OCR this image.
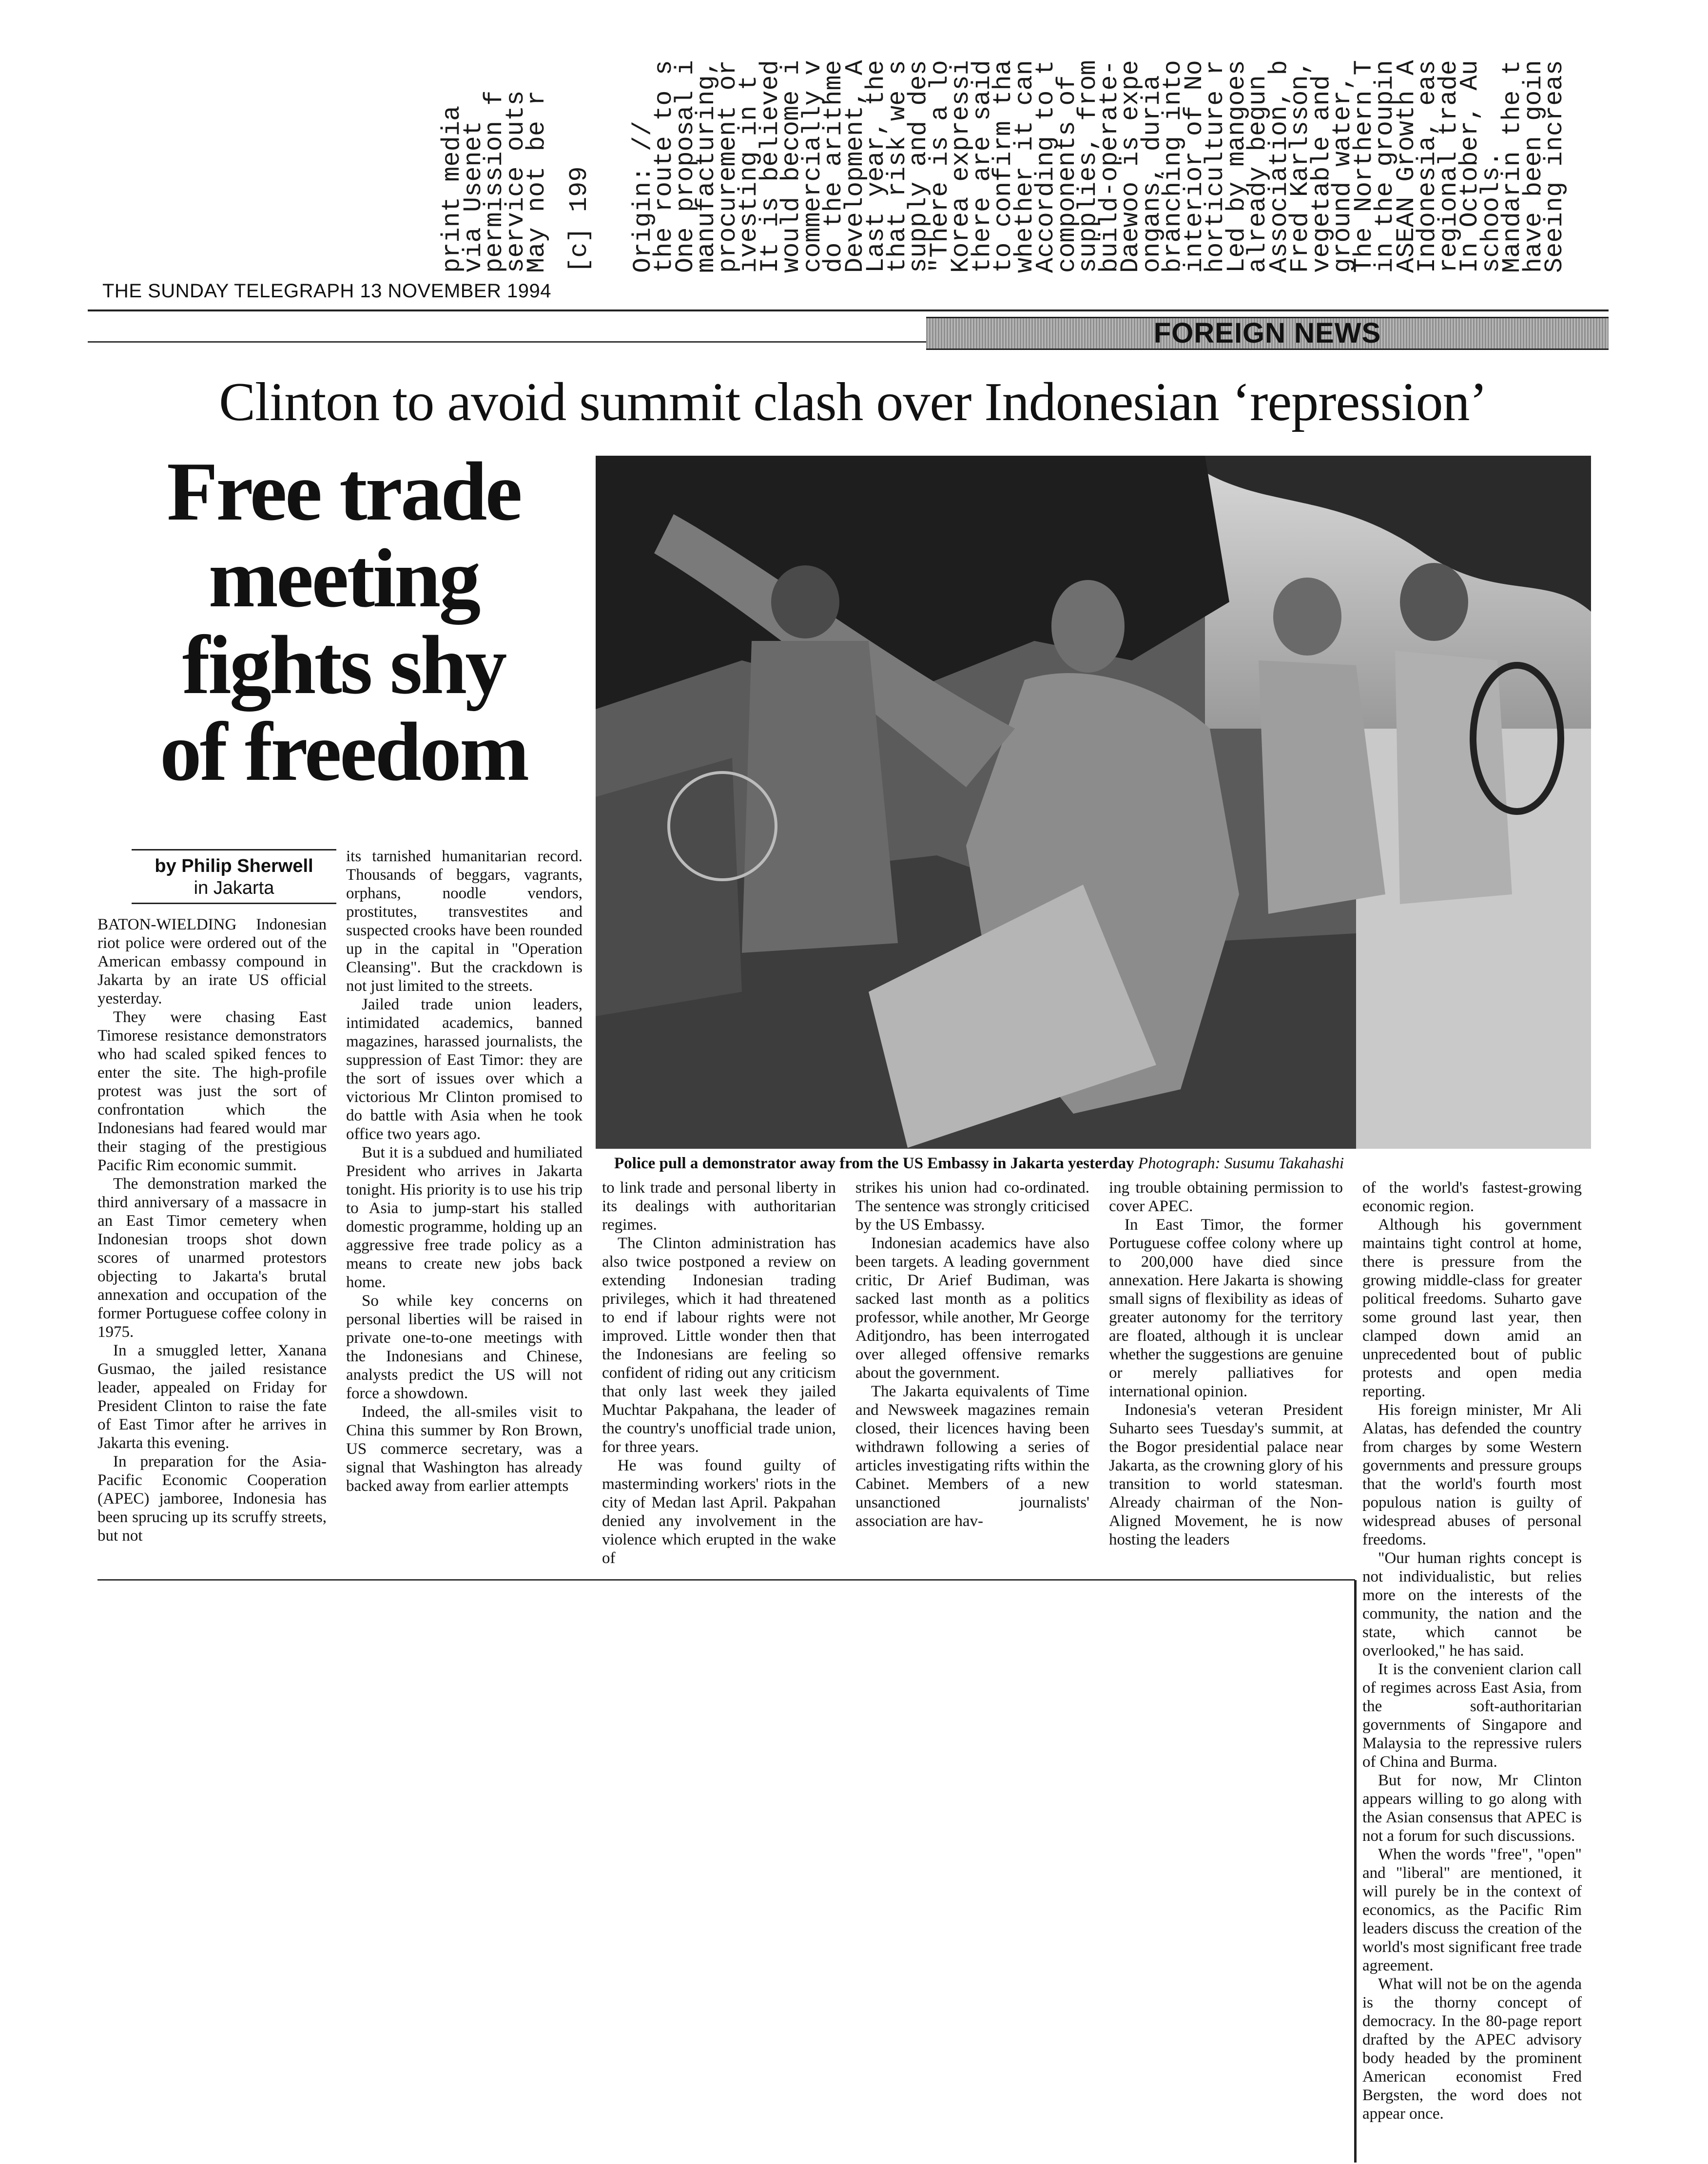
Seeing increas
have been goin
Mandarin the t
schools.
In October, Au
regional trade
Indonesia, eas
ASEAN Growth A
in the groupin
The Northern T
ground water,
vegetable and
Fred Karlsson,
Association, b
already begun
Led by mangoes
horticulture r
interior of No
branching into
ongans, duria
Daewoo is expe
build-operate-
supplies, from
components of
According to t
whether it can
to confirm tha
there are said
Korea expressi
"There is a lo
supply and des
that risk we s
Last year, the
Development, A
do the arithme
commercially v
would become i
It is believed
ıvesting in t
procurement or
manufacturing,
One proposal i
the route to s
Origin: //
[c] 199
May not be r
service outs
permission f
via Usenet
print media
THE SUNDAY TELEGRAPH 13 NOVEMBER 1994
FOREIGN NEWS
Clinton to avoid summit clash over Indonesian ‘repression’
Free trade
meeting
fights shy
of freedom
Police pull a demonstrator away from the US Embassy in Jakarta yesterday Photograph: Susumu Takahashi
by Philip Sherwell
in Jakarta

BATON-WIELDING Indonesian riot police were ordered out of the American embassy compound in Jakarta by an irate US official yesterday.

They were chasing East Timorese resistance demonstrators who had scaled spiked fences to enter the site. The high-profile protest was just the sort of confrontation which the Indonesians had feared would mar their staging of the prestigious Pacific Rim economic summit.

The demonstration marked the third anniversary of a massacre in an East Timor cemetery when Indonesian troops shot down scores of unarmed protestors objecting to Jakarta's brutal annexation and occupation of the former Portuguese coffee colony in 1975.

In a smuggled letter, Xanana Gusmao, the jailed resistance leader, appealed on Friday for President Clinton to raise the fate of East Timor after he arrives in Jakarta this evening.

In preparation for the Asia-Pacific Economic Cooperation (APEC) jamboree, Indonesia has been sprucing up its scruffy streets, but not

its tarnished humanitarian record. Thousands of beggars, vagrants, orphans, noodle vendors, prostitutes, transvestites and suspected crooks have been rounded up in the capital in "Operation Cleansing". But the crackdown is not just limited to the streets.

Jailed trade union leaders, intimidated academics, banned magazines, harassed journalists, the suppression of East Timor: they are the sort of issues over which a victorious Mr Clinton promised to do battle with Asia when he took office two years ago.

But it is a subdued and humiliated President who arrives in Jakarta tonight. His priority is to use his trip to Asia to jump-start his stalled domestic programme, holding up an aggressive free trade policy as a means to create new jobs back home.

So while key concerns on personal liberties will be raised in private one-to-one meetings with the Indonesians and Chinese, analysts predict the US will not force a showdown.

Indeed, the all-smiles visit to China this summer by Ron Brown, US commerce secretary, was a signal that Washington has already backed away from earlier attempts

to link trade and personal liberty in its dealings with authoritarian regimes.

The Clinton administration has also twice postponed a review on extending Indonesian trading privileges, which it had threatened to end if labour rights were not improved. Little wonder then that the Indonesians are feeling so confident of riding out any criticism that only last week they jailed Muchtar Pakpahana, the leader of the country's unofficial trade union, for three years.

He was found guilty of masterminding workers' riots in the city of Medan last April. Pakpahan denied any involvement in the violence which erupted in the wake of

strikes his union had co-ordinated. The sentence was strongly criticised by the US Embassy.

Indonesian academics have also been targets. A leading government critic, Dr Arief Budiman, was sacked last month as a politics professor, while another, Mr George Aditjondro, has been interrogated over alleged offensive remarks about the government.

The Jakarta equivalents of Time and Newsweek magazines remain closed, their licences having been withdrawn following a series of articles investigating rifts within the Cabinet. Members of a new unsanctioned journalists' association are hav-

ing trouble obtaining permission to cover APEC.

In East Timor, the former Portuguese coffee colony where up to 200,000 have died since annexation. Here Jakarta is showing small signs of flexibility as ideas of greater autonomy for the territory are floated, although it is unclear whether the suggestions are genuine or merely palliatives for international opinion.

Indonesia's veteran President Suharto sees Tuesday's summit, at the Bogor presidential palace near Jakarta, as the crowning glory of his transition to world statesman. Already chairman of the Non-Aligned Movement, he is now hosting the leaders

of the world's fastest-growing economic region.

Although his government maintains tight control at home, there is pressure from the growing middle-class for greater political freedoms. Suharto gave some ground last year, then clamped down amid an unprecedented bout of public protests and open media reporting.

His foreign minister, Mr Ali Alatas, has defended the country from charges by some Western governments and pressure groups that the world's fourth most populous nation is guilty of widespread abuses of personal freedoms.

"Our human rights concept is not individualistic, but relies more on the interests of the community, the nation and the state, which cannot be overlooked," he has said.

It is the convenient clarion call of regimes across East Asia, from the soft-authoritarian governments of Singapore and Malaysia to the repressive rulers of China and Burma.

But for now, Mr Clinton appears willing to go along with the Asian consensus that APEC is not a forum for such discussions.

When the words "free", "open" and "liberal" are mentioned, it will purely be in the context of economics, as the Pacific Rim leaders discuss the creation of the world's most significant free trade agreement.

What will not be on the agenda is the thorny concept of democracy. In the 80-page report drafted by the APEC advisory body headed by the prominent American economist Fred Bergsten, the word does not appear once.
